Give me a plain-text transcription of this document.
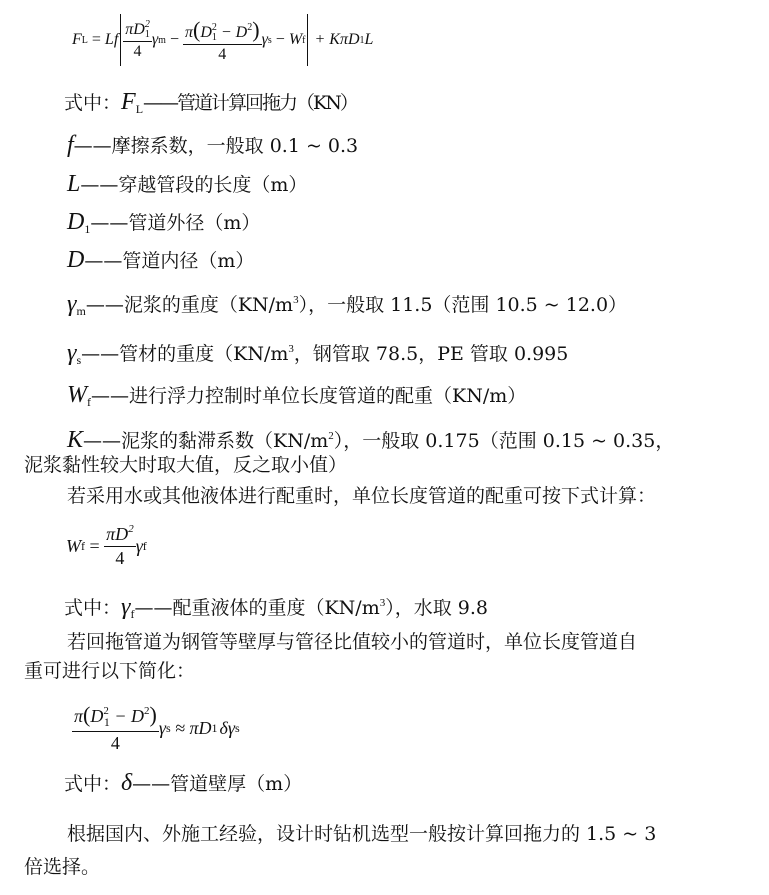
F L = Lf $\frac{\pi D^2_1}{4}$ γ $m - \frac{\pi(D^2_1 - D^2)}{4}$ γ s − W f + Kπ D 1 L
式中：$F_L——$管道计算回拖力（KN）
f——摩擦系数，一般取 0.1 ~ 0.3
L——穿越管段的长度（m）
$D_1——$管道外径（m）
D——管道内径（m）
$\gamma_m——$泥浆的重度$(KN/m^3)$，一般取 11.5（范围 10.5 ~ 12.0）
$\gamma_s——$管材的重度（$KN/m^3$，钢管取 78.5，PE 管取 0.995
$W_f——$进行浮力控制时单位长度管道的配重（KN/m）
K——泥浆的黏滞系数$(KN/m^2)$，一般取 0.175（范围 0.15 ~ 0.35，
泥浆黏性较大时取大值，反之取小值）
若采用水或其他液体进行配重时，单位长度管道的配重可按下式计算：
W $f = \frac{\pi D^2}{4}$ γ f
式中：$\gamma_f——$配重液体的重度$(KN/m^3)$，水取 9.8
若回拖管道为钢管等壁厚与管径比值较小的管道时，单位长度管道自
重可进行以下简化：
$\frac{\pi(D^2_1 - D^2)}{4}$ γ s ≈ π D 1 δγ s
式中：δ——管道壁厚（m）
根据国内、外施工经验，设计时钻机选型一般按计算回拖力的 1.5 ~ 3
倍选择。
